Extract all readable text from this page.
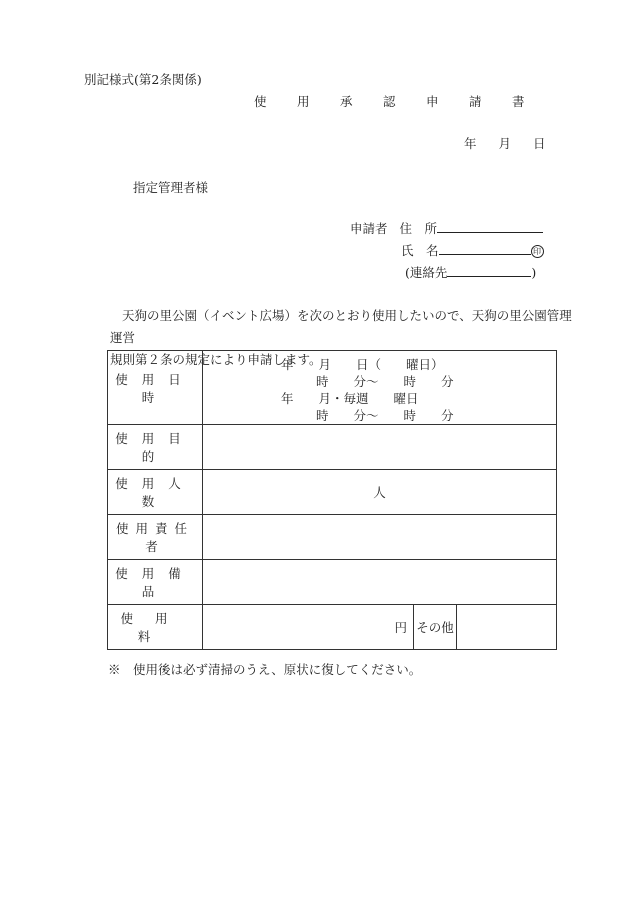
別記様式(第2条関係)
使　用　承　認　申　請　書
年 月 日
指定管理者様
申請者 住　所
氏　名	印
(連絡先	)
天狗の里公園（イベント広場）を次のとおり使用したいので、天狗の里公園管理運営
規則第２条の規定により申請します。
使用日時	年　　月　　日（　　曜日）
時　　分～　　時　　分
年　　月・毎週　　曜日
時　　分～　　時　　分		

使用目的			
使用人数	人		
使用責任者			
使用備品			
使用料	円	その他	
※　使用後は必ず清掃のうえ、原状に復してください。
